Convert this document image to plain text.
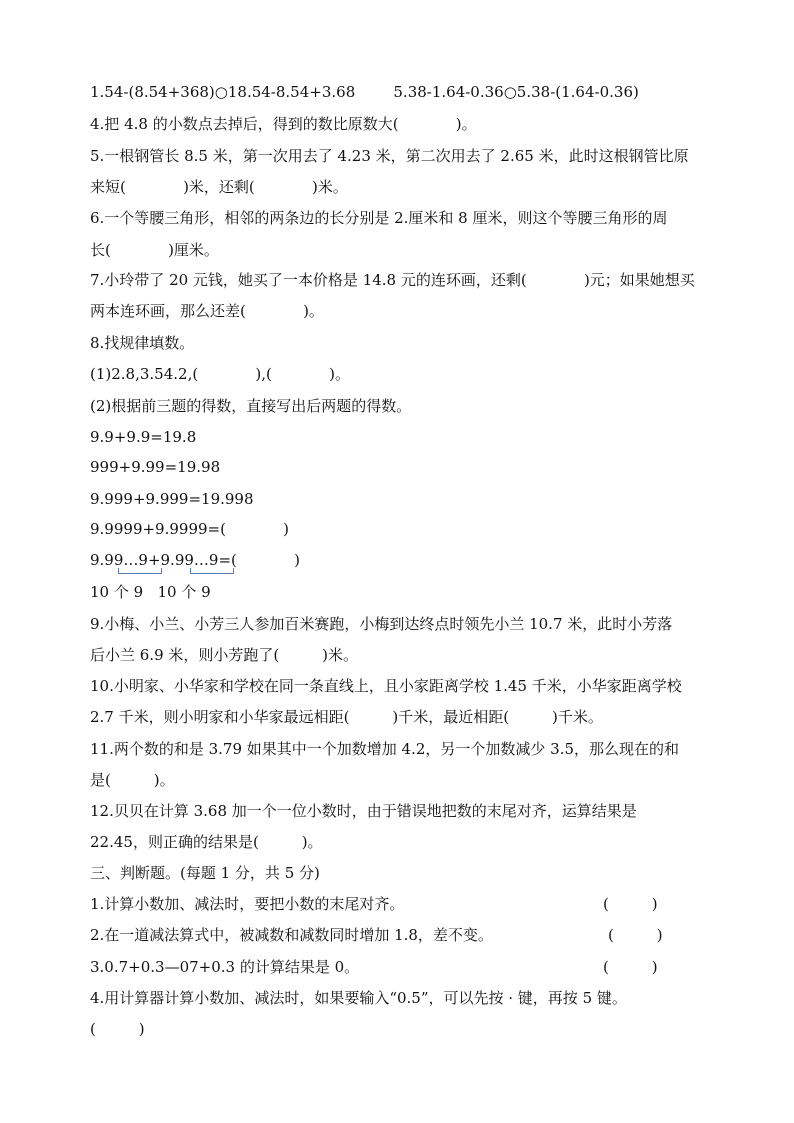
1.54-(8.54+368)○18.54-8.54+3.68        5.38-1.64-0.36○5.38-(1.64-0.36)
4.把 4.8 的小数点去掉后，得到的数比原数大(            )。
5.一根钢管长 8.5 米，第一次用去了 4.23 米，第二次用去了 2.65 米，此时这根钢管比原
来短(            )米，还剩(            )米。
6.一个等腰三角形，相邻的两条边的长分别是 2.厘米和 8 厘米，则这个等腰三角形的周
长(            )厘米。
7.小玲带了 20 元钱，她买了一本价格是 14.8 元的连环画，还剩(            )元；如果她想买
两本连环画，那么还差(            )。
8.找规律填数。
(1)2.8,3.54.2,(            ),(            )。
(2)根据前三题的得数，直接写出后两题的得数。
9.9+9.9=19.8
999+9.99=19.98
9.999+9.999=19.998
9.9999+9.9999=(            )
9.99…9+9.99…9=(            )
10 个 9   10 个 9
9.小梅、小兰、小芳三人参加百米赛跑，小梅到达终点时领先小兰 10.7 米，此时小芳落
后小兰 6.9 米，则小芳跑了(         )米。
10.小明家、小华家和学校在同一条直线上，且小家距离学校 1.45 千米，小华家距离学校
2.7 千米，则小明家和小华家最远相距(         )千米，最近相距(         )千米。
11.两个数的和是 3.79 如果其中一个加数增加 4.2，另一个加数减少 3.5，那么现在的和
是(         )。
12.贝贝在计算 3.68 加一个一位小数时，由于错误地把数的末尾对齐，运算结果是
22.45，则正确的结果是(         )。
三、判断题。(每题 1 分，共 5 分)
1.计算小数加、减法时，要把小数的末尾对齐。	(         )
2.在一道减法算式中，被减数和减数同时增加 1.8，差不变。	(         )
3.0.7+0.3—07+0.3 的计算结果是 0。	(         )
4.用计算器计算小数加、减法时，如果要输入“0.5”，可以先按 · 键，再按 5 键。
(         )
